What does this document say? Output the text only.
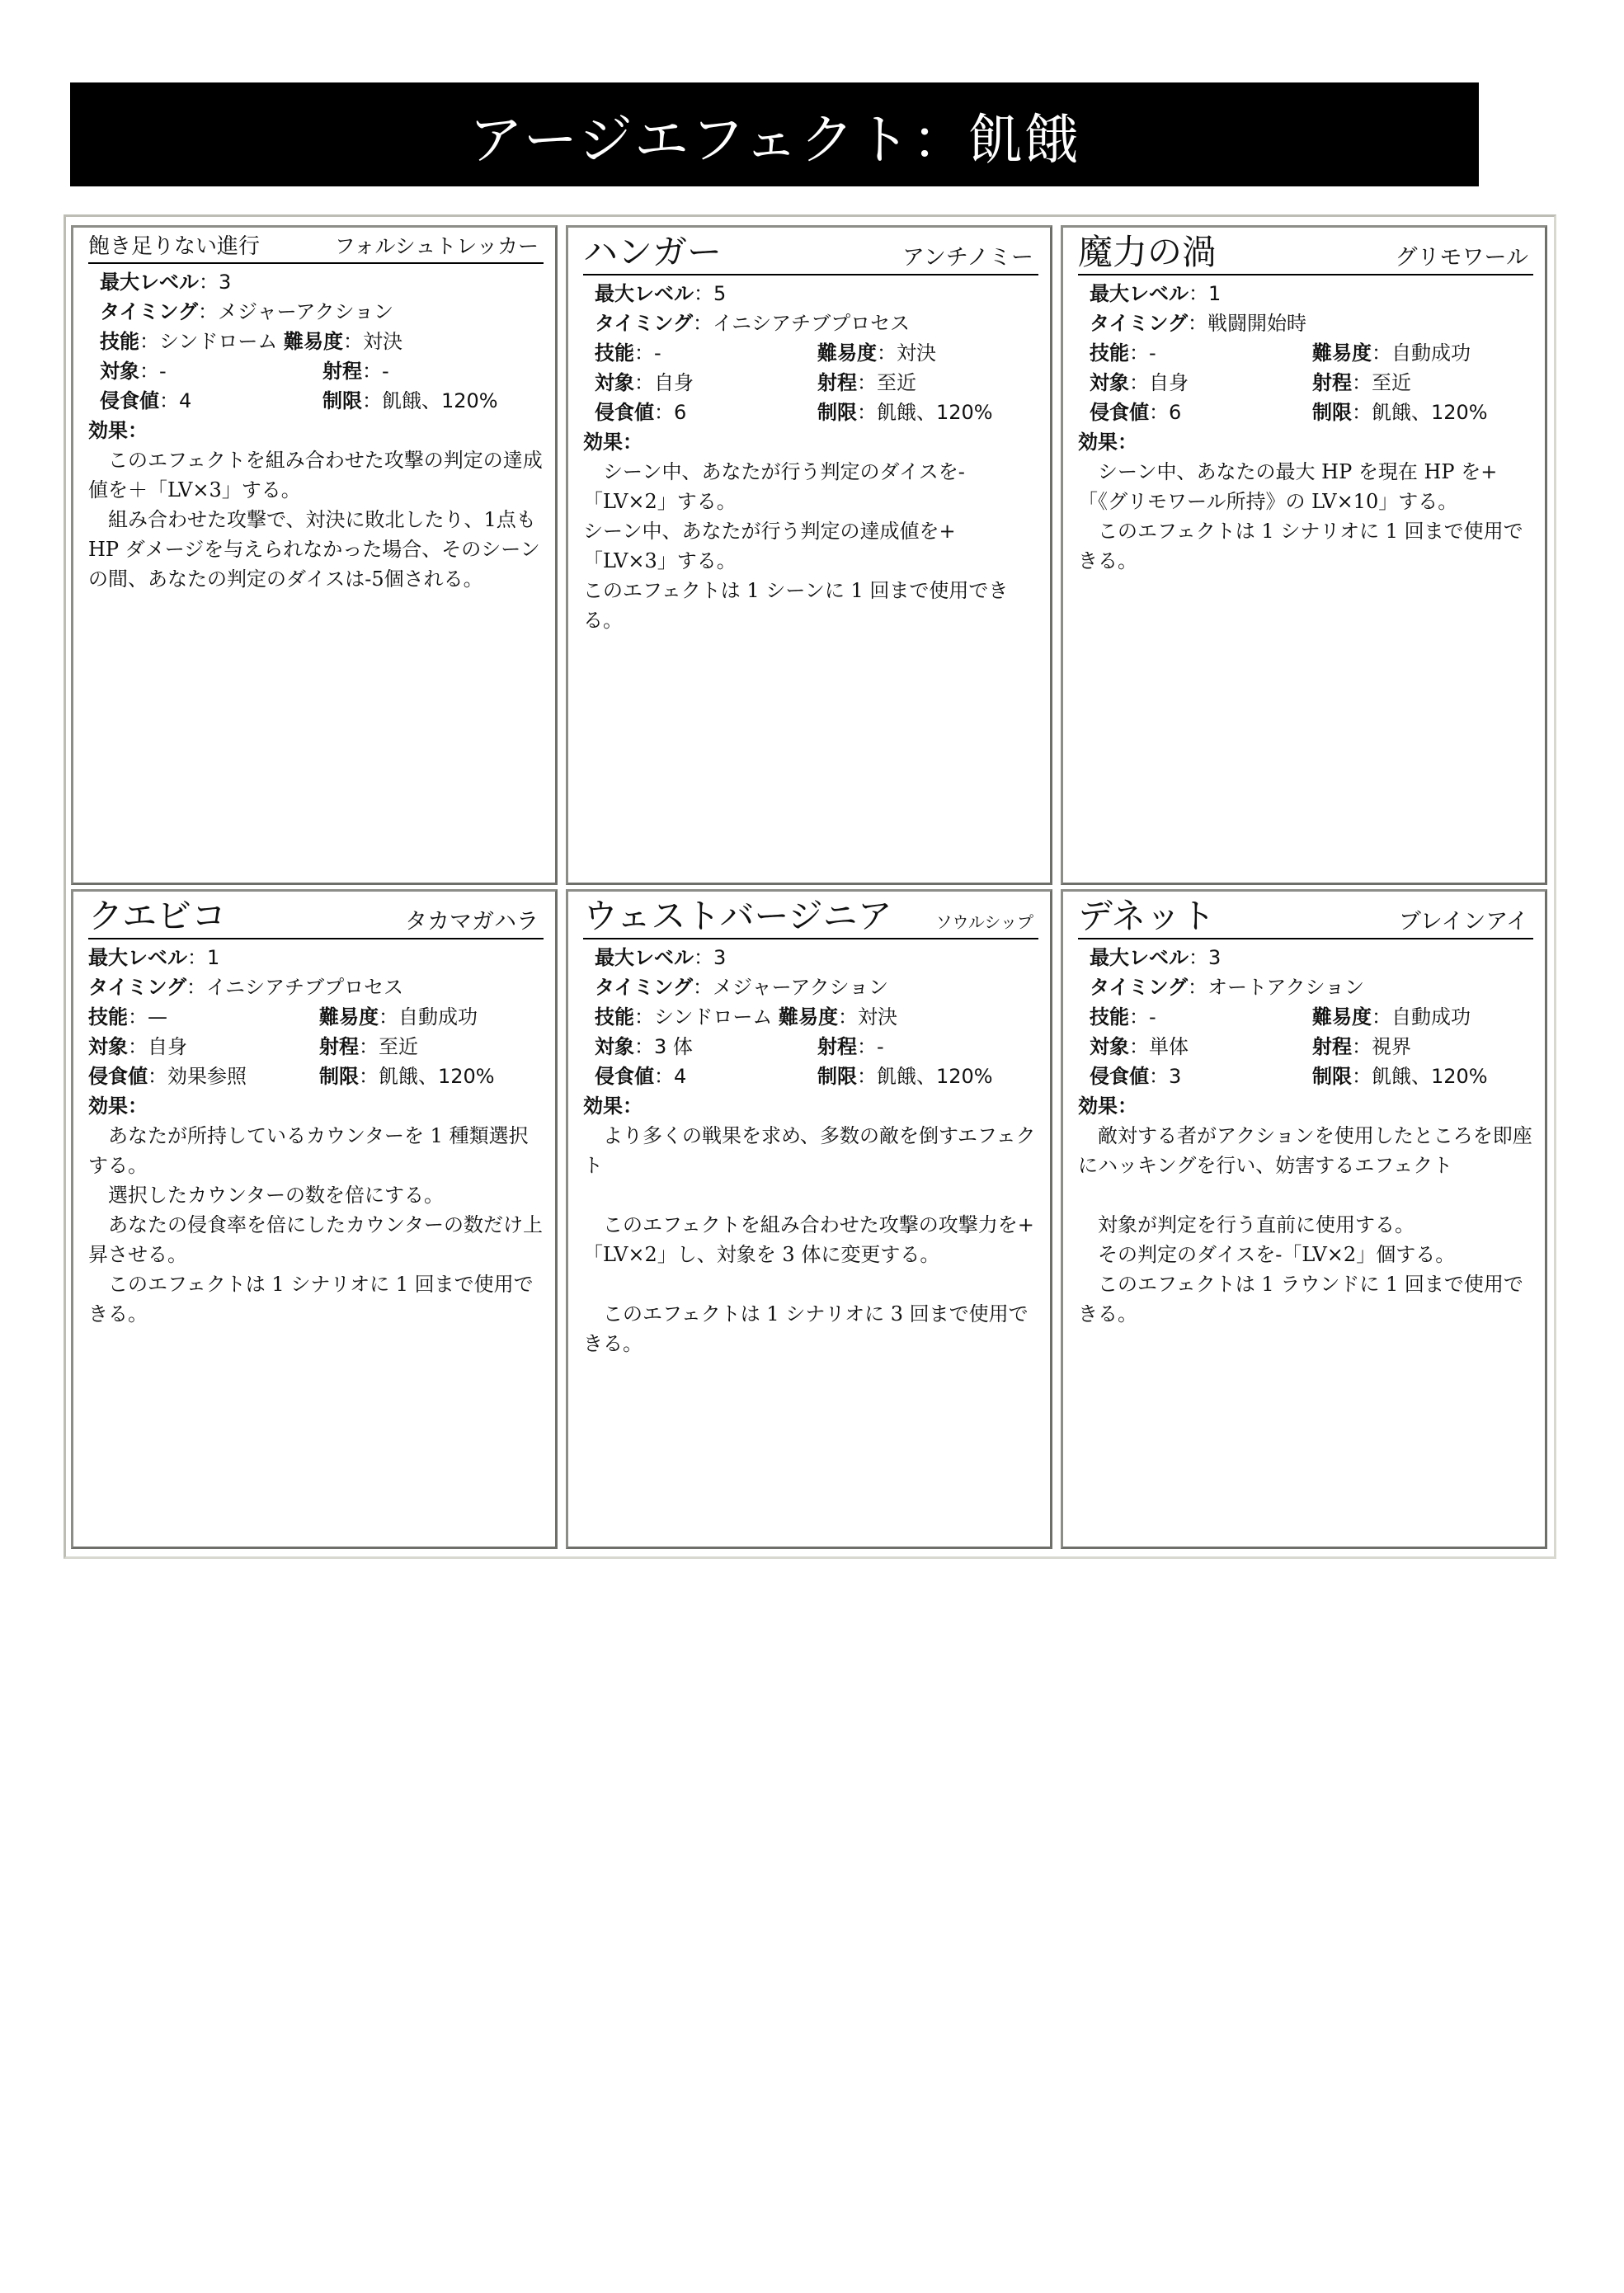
アージエフェクト：飢餓
飽き足りない進行	フォルシュトレッカー
最大レベル ： 3
タイミング ： メジャーアクション
技能 ： シンドローム
難易度 ： 対決
対象：-	射程：-
侵食値：4	制限：飢餓、120%
効果：

　このエフェクトを組み合わせた攻撃の判定の達成値を＋「LV×3」する。

　組み合わせた攻撃で、対決に敗北したり、1点も HP ダメージを与えられなかった場合、そのシーンの間、あなたの判定のダイスは-5個される。

ハンガー	アンチノミー
最大レベル ： 5
タイミング ： イニシアチブプロセス
技能：-	難易度：対決
対象：自身	射程：至近
侵食値：6	制限：飢餓、120%
効果：

　シーン中、あなたが行う判定のダイスを-「LV×2」する。

シーン中、あなたが行う判定の達成値を+「LV×3」する。

このエフェクトは 1 シーンに 1 回まで使用できる。

魔力の渦	グリモワール
最大レベル ： 1
タイミング ： 戦闘開始時
技能：-	難易度：自動成功
対象：自身	射程：至近
侵食値：6	制限：飢餓、120%
効果：

　シーン中、あなたの最大 HP を現在 HP を+「《グリモワール所持》の LV×10」する。

　このエフェクトは 1 シナリオに 1 回まで使用できる。

クエビコ	タカマガハラ
最大レベル ： 1
タイミング ： イニシアチブプロセス
技能：—	難易度：自動成功
対象：自身	射程：至近
侵食値：効果参照	制限：飢餓、120%
効果：

　あなたが所持しているカウンターを 1 種類選択する。

　選択したカウンターの数を倍にする。

　あなたの侵食率を倍にしたカウンターの数だけ上昇させる。

　このエフェクトは 1 シナリオに 1 回まで使用できる。

ウェストバージニア	ソウルシップ
最大レベル ： 3
タイミング ： メジャーアクション
技能 ： シンドローム
難易度 ： 対決
対象：3 体	射程：-
侵食値：4	制限：飢餓、120%
効果：

　より多くの戦果を求め、多数の敵を倒すエフェクト

　このエフェクトを組み合わせた攻撃の攻撃力を+「LV×2」し、対象を 3 体に変更する。

　このエフェクトは 1 シナリオに 3 回まで使用できる。

デネット	ブレインアイ
最大レベル ： 3
タイミング ： オートアクション
技能：-	難易度：自動成功
対象：単体	射程：視界
侵食値：3	制限：飢餓、120%
効果：

　敵対する者がアクションを使用したところを即座にハッキングを行い、妨害するエフェクト

　対象が判定を行う直前に使用する。

　その判定のダイスを-「LV×2」個する。

　このエフェクトは 1 ラウンドに 1 回まで使用できる。
